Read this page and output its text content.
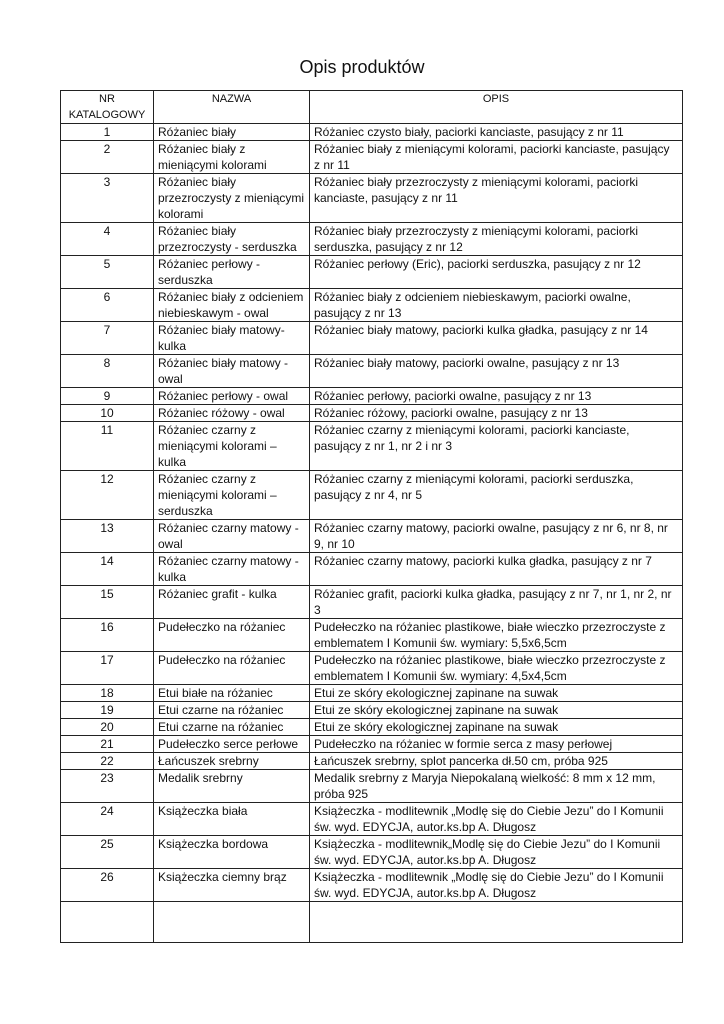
Opis produktów
NR
KATALOGOWY	NAZWA	OPIS
1	Różaniec biały	Różaniec czysto biały, paciorki kanciaste, pasujący z nr 11
2	Różaniec biały z mieniącymi kolorami	Różaniec biały z mieniącymi kolorami, paciorki kanciaste, pasujący z nr 11
3	Różaniec biały przezroczysty z mieniącymi kolorami	Różaniec biały przezroczysty z mieniącymi kolorami, paciorki kanciaste, pasujący z nr 11
4	Różaniec biały przezroczysty - serduszka	Różaniec biały przezroczysty z mieniącymi kolorami, paciorki serduszka, pasujący z nr 12
5	Różaniec perłowy - serduszka	Różaniec perłowy (Eric), paciorki serduszka, pasujący z nr 12
6	Różaniec biały z odcieniem niebieskawym - owal	Różaniec biały z odcieniem niebieskawym, paciorki owalne, pasujący z nr 13
7	Różaniec biały matowy-kulka	Różaniec biały matowy, paciorki kulka gładka, pasujący z nr 14
8	Różaniec biały matowy - owal	Różaniec biały matowy, paciorki owalne, pasujący z nr 13
9	Różaniec perłowy - owal	Różaniec perłowy, paciorki owalne, pasujący z nr 13
10	Różaniec różowy - owal	Różaniec różowy, paciorki owalne, pasujący z nr 13
11	Różaniec czarny z mieniącymi kolorami – kulka	Różaniec czarny z mieniącymi kolorami, paciorki kanciaste, pasujący z nr 1, nr 2 i nr 3
12	Różaniec czarny z mieniącymi kolorami – serduszka	Różaniec czarny z mieniącymi kolorami, paciorki serduszka, pasujący z nr 4, nr 5
13	Różaniec czarny matowy - owal	Różaniec czarny matowy, paciorki owalne, pasujący z nr 6, nr 8, nr 9, nr 10
14	Różaniec czarny matowy - kulka	Różaniec czarny matowy, paciorki kulka gładka, pasujący z nr 7
15	Różaniec grafit - kulka	Różaniec grafit, paciorki kulka gładka, pasujący z nr 7, nr 1, nr 2, nr 3
16	Pudełeczko na różaniec	Pudełeczko na różaniec plastikowe, białe wieczko przezroczyste z emblematem I Komunii św. wymiary: 5,5x6,5cm
17	Pudełeczko na różaniec	Pudełeczko na różaniec plastikowe, białe wieczko przezroczyste z emblematem I Komunii św. wymiary: 4,5x4,5cm
18	Etui białe na różaniec	Etui ze skóry ekologicznej zapinane na suwak
19	Etui czarne na różaniec	Etui ze skóry ekologicznej zapinane na suwak
20	Etui czarne na różaniec	Etui ze skóry ekologicznej zapinane na suwak
21	Pudełeczko serce perłowe	Pudełeczko na różaniec w formie serca z masy perłowej
22	Łańcuszek srebrny	Łańcuszek srebrny, splot pancerka dł.50 cm, próba 925
23	Medalik srebrny	Medalik srebrny z Maryja Niepokalaną wielkość: 8 mm x 12 mm, próba 925
24	Książeczka biała	Książeczka - modlitewnik „Modlę się do Ciebie Jezu” do I Komunii św. wyd. EDYCJA, autor.ks.bp A. Długosz
25	Książeczka bordowa	Książeczka - modlitewnik„Modlę się do Ciebie Jezu” do I Komunii św. wyd. EDYCJA, autor.ks.bp A. Długosz
26	Książeczka ciemny brąz	Książeczka - modlitewnik „Modlę się do Ciebie Jezu” do I Komunii św. wyd. EDYCJA, autor.ks.bp A. Długosz
